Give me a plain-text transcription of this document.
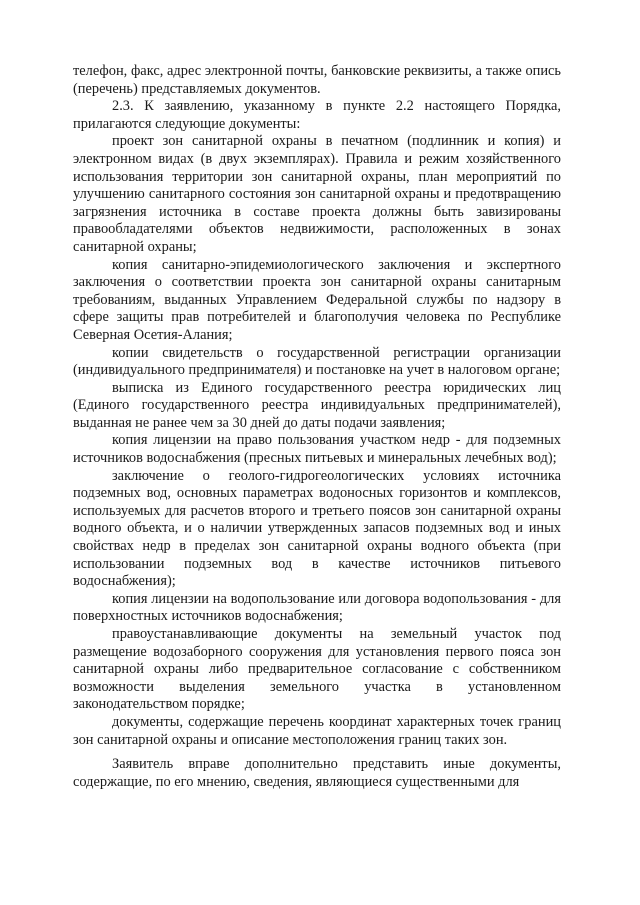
телефон, факс, адрес электронной почты, банковские реквизиты, а также опись (перечень) представляемых документов.

2.3. К заявлению, указанному в пункте 2.2 настоящего Порядка, прилагаются следующие документы:

проект зон санитарной охраны в печатном (подлинник и копия) и электронном видах (в двух экземплярах). Правила и режим хозяйственного использования территории зон санитарной охраны, план мероприятий по улучшению санитарного состояния зон санитарной охраны и предотвращению загрязнения источника в составе проекта должны быть завизированы правообладателями объектов недвижимости, расположенных в зонах санитарной охраны;

копия санитарно-эпидемиологического заключения и экспертного заключения о соответствии проекта зон санитарной охраны санитарным требованиям, выданных Управлением Федеральной службы по надзору в сфере защиты прав потребителей и благополучия человека по Республике Северная Осетия-Алания;

копии свидетельств о государственной регистрации организации (индивидуального предпринимателя) и постановке на учет в налоговом органе;

выписка из Единого государственного реестра юридических лиц (Единого государственного реестра индивидуальных предпринимателей), выданная не ранее чем за 30 дней до даты подачи заявления;

копия лицензии на право пользования участком недр - для подземных источников водоснабжения (пресных питьевых и минеральных лечебных вод);

заключение о геолого-гидрогеологических условиях источника подземных вод, основных параметрах водоносных горизонтов и комплексов, используемых для расчетов второго и третьего поясов зон санитарной охраны водного объекта, и о наличии утвержденных запасов подземных вод и иных свойствах недр в пределах зон санитарной охраны водного объекта (при использовании подземных вод в качестве источников питьевого водоснабжения);

копия лицензии на водопользование или договора водопользования - для поверхностных источников водоснабжения;

правоустанавливающие документы на земельный участок под размещение водозаборного сооружения для установления первого пояса зон санитарной охраны либо предварительное согласование с собственником возможности выделения земельного участка в установленном законодательством порядке;

документы, содержащие перечень координат характерных точек границ зон санитарной охраны и описание местоположения границ таких зон.

Заявитель вправе дополнительно представить иные документы, содержащие, по его мнению, сведения, являющиеся существенными для
